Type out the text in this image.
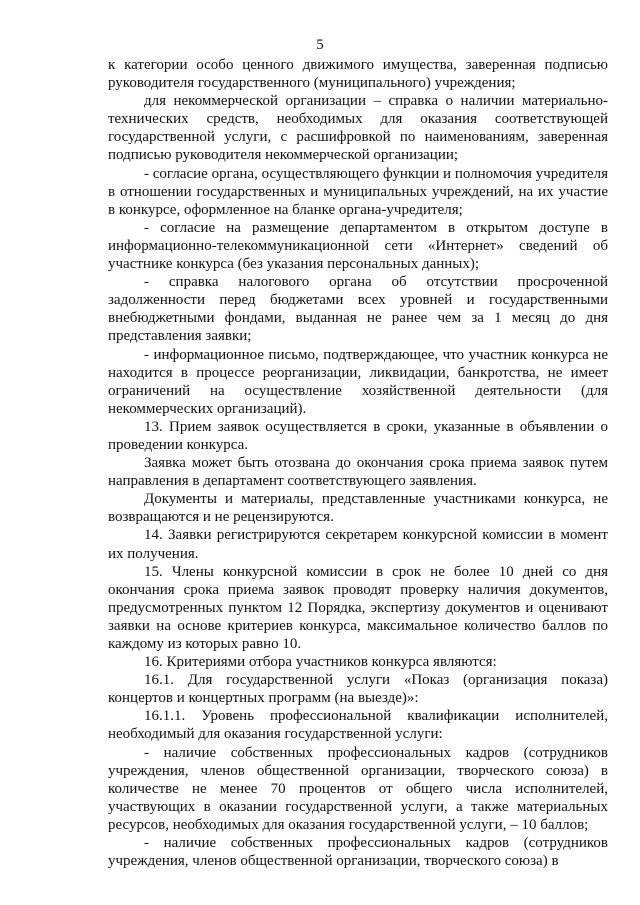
5

к категории особо ценного движимого имущества, заверенная подписью руководителя государственного (муниципального) учреждения;

для некоммерческой организации – справка о наличии материально-технических средств, необходимых для оказания соответствующей государственной услуги, с расшифровкой по наименованиям, заверенная подписью руководителя некоммерческой организации;

- согласие органа, осуществляющего функции и полномочия учредителя в отношении государственных и муниципальных учреждений, на их участие в конкурсе, оформленное на бланке органа-учредителя;

- согласие на размещение департаментом в открытом доступе в информационно-телекоммуникационной сети «Интернет» сведений об участнике конкурса (без указания персональных данных);

- справка налогового органа об отсутствии просроченной задолженности перед бюджетами всех уровней и государственными внебюджетными фондами, выданная не ранее чем за 1 месяц до дня представления заявки;

- информационное письмо, подтверждающее, что участник конкурса не находится в процессе реорганизации, ликвидации, банкротства, не имеет ограничений на осуществление хозяйственной деятельности (для некоммерческих организаций).

13. Прием заявок осуществляется в сроки, указанные в объявлении о проведении конкурса.

Заявка может быть отозвана до окончания срока приема заявок путем направления в департамент соответствующего заявления.

Документы и материалы, представленные участниками конкурса, не возвращаются и не рецензируются.

14. Заявки регистрируются секретарем конкурсной комиссии в момент их получения.

15. Члены конкурсной комиссии в срок не более 10 дней со дня окончания срока приема заявок проводят проверку наличия документов, предусмотренных пунктом 12 Порядка, экспертизу документов и оценивают заявки на основе критериев конкурса, максимальное количество баллов по каждому из которых равно 10.

16. Критериями отбора участников конкурса являются:

16.1. Для государственной услуги «Показ (организация показа) концертов и концертных программ (на выезде)»:

16.1.1. Уровень профессиональной квалификации исполнителей, необходимый для оказания государственной услуги:

- наличие собственных профессиональных кадров (сотрудников учреждения, членов общественной организации, творческого союза) в количестве не менее 70 процентов от общего числа исполнителей, участвующих в оказании государственной услуги, а также материальных ресурсов, необходимых для оказания государственной услуги, – 10 баллов;

- наличие собственных профессиональных кадров (сотрудников учреждения, членов общественной организации, творческого союза) в
